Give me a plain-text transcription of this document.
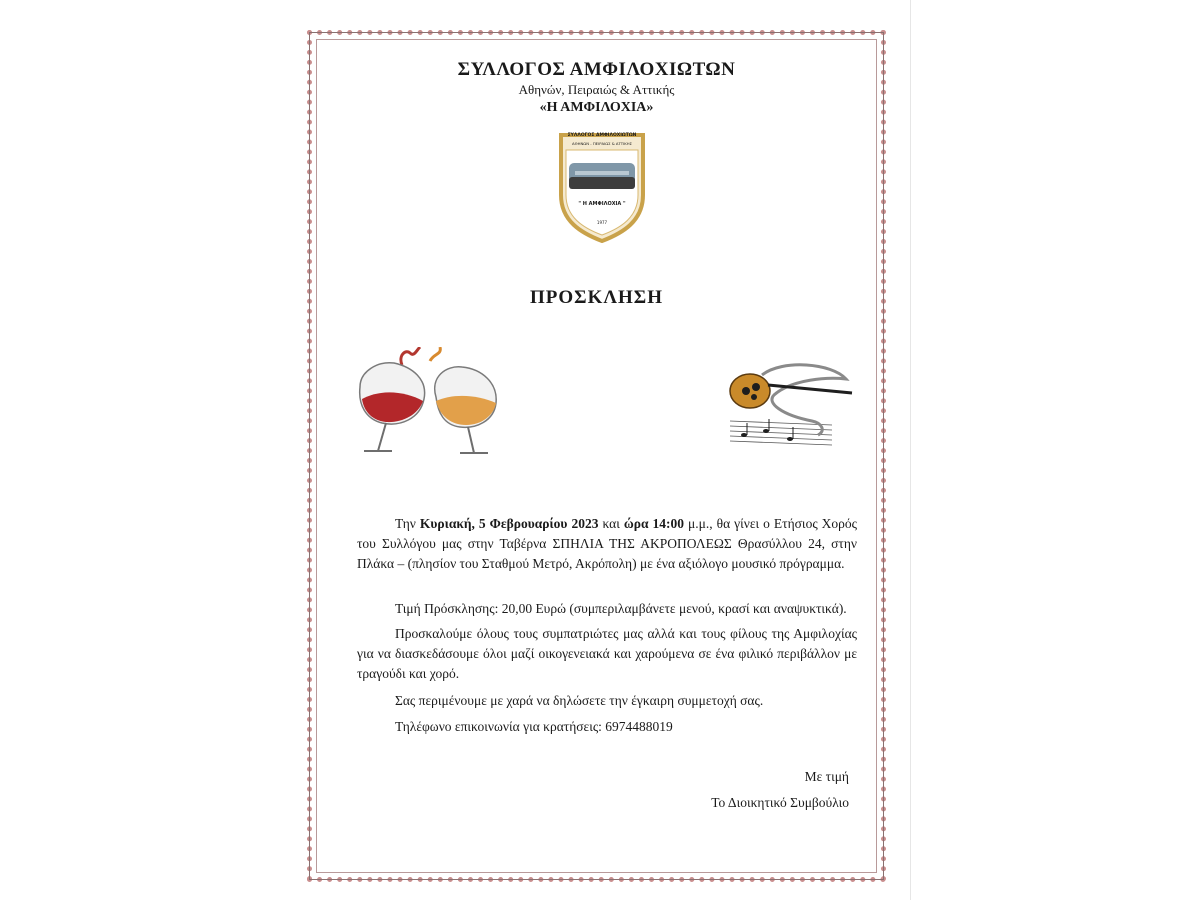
ΣΥΛΛΟΓΟΣ ΑΜΦΙΛΟΧΙΩΤΩΝ
Αθηνών, Πειραιώς & Αττικής
«Η ΑΜΦΙΛΟΧΙΑ»
ΣΥΛΛΟΓΟΣ ΑΜΦΙΛΟΧΙΩΤΩΝ
ΑΘΗΝΩΝ - ΠΕΙΡΑΙΩΣ & ΑΤΤΙΚΗΣ
" Η ΑΜΦΙΛΟΧΙΑ "
1977
ΠΡΟΣΚΛΗΣΗ
Την Κυριακή, 5 Φεβρουαρίου 2023 και ώρα 14:00 μ.μ., θα γίνει ο Ετήσιος Χορός του Συλλόγου μας στην Ταβέρνα ΣΠΗΛΙΑ ΤΗΣ ΑΚΡΟΠΟΛΕΩΣ Θρασύλλου 24, στην Πλάκα – (πλησίον του Σταθμού Μετρό, Ακρόπολη) με ένα αξιόλογο μουσικό πρόγραμμα.
Τιμή Πρόσκλησης: 20,00 Ευρώ (συμπεριλαμβάνετε μενού, κρασί και αναψυκτικά).
Προσκαλούμε όλους τους συμπατριώτες μας αλλά και τους φίλους της Αμφιλοχίας για να διασκεδάσουμε όλοι μαζί οικογενειακά και χαρούμενα σε ένα φιλικό περιβάλλον με τραγούδι και χορό.
Σας περιμένουμε με χαρά να δηλώσετε την έγκαιρη συμμετοχή σας.
Τηλέφωνο επικοινωνία για κρατήσεις: 6974488019
Με τιμή
Το Διοικητικό Συμβούλιο
